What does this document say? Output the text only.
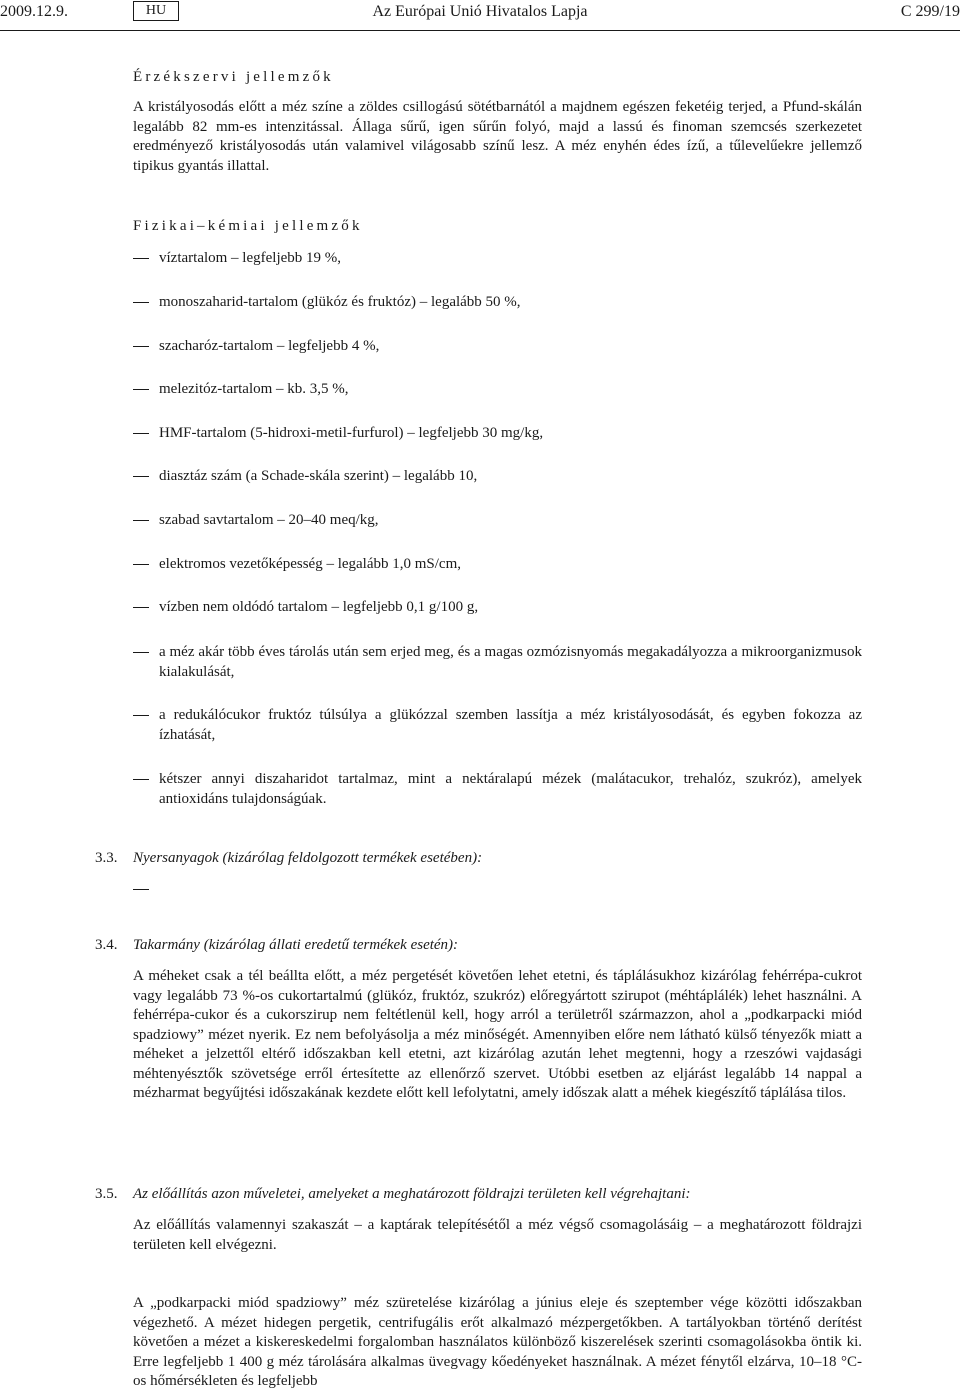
2009.12.9.	HU	Az Európai Unió Hivatalos Lapja	C 299/19
Érzékszervi jellemzők

A kristályosodás előtt a méz színe a zöldes csillogású sötétbarnától a majdnem egészen feketéig terjed, a Pfund-skálán legalább 82 mm-es intenzitással. Állaga sűrű, igen sűrűn folyó, majd a lassú és finoman szemcsés szerkezetet eredményező kristályosodás után valamivel világosabb színű lesz. A méz enyhén édes ízű, a tűlevelűekre jellemző tipikus gyantás illattal.

Fizikai–kémiai jellemzők
víztartalom – legfeljebb 19 %,
monoszaharid-tartalom (glükóz és fruktóz) – legalább 50 %,
szacharóz-tartalom – legfeljebb 4 %,
melezitóz-tartalom – kb. 3,5 %,
HMF-tartalom (5-hidroxi-metil-furfurol) – legfeljebb 30 mg/kg,
diasztáz szám (a Schade-skála szerint) – legalább 10,
szabad savtartalom – 20–40 meq/kg,
elektromos vezetőképesség – legalább 1,0 mS/cm,
vízben nem oldódó tartalom – legfeljebb 0,1 g/100 g,
a méz akár több éves tárolás után sem erjed meg, és a magas ozmózisnyomás megakadályozza a mikroorganizmusok kialakulását,
a redukálócukor fruktóz túlsúlya a glükózzal szemben lassítja a méz kristályosodását, és egyben fokozza az ízhatását,
kétszer annyi diszaharidot tartalmaz, mint a nektáralapú mézek (malátacukor, trehalóz, szukróz), amelyek antioxidáns tulajdonságúak.
3.3. Nyersanyagok (kizárólag feldolgozott termékek esetében):
3.4. Takarmány (kizárólag állati eredetű termékek esetén):

A méheket csak a tél beállta előtt, a méz pergetését követően lehet etetni, és táplálásukhoz kizárólag fehérrépa-cukrot vagy legalább 73 %-os cukortartalmú (glükóz, fruktóz, szukróz) előregyártott szirupot (méhtáplálék) lehet használni. A fehérrépa-cukor és a cukorszirup nem feltétlenül kell, hogy arról a területről származzon, ahol a „podkarpacki miód spadziowy” mézet nyerik. Ez nem befolyásolja a méz minőségét. Amennyiben előre nem látható külső tényezők miatt a méheket a jelzettől eltérő időszakban kell etetni, azt kizárólag azután lehet megtenni, hogy a rzeszówi vajdasági méhtenyésztők szövetsége erről értesítette az ellenőrző szervet. Utóbbi esetben az eljárást legalább 14 nappal a mézharmat begyűjtési időszakának kezdete előtt kell lefolytatni, amely időszak alatt a méhek kiegészítő táplálása tilos.

3.5. Az előállítás azon műveletei, amelyeket a meghatározott földrajzi területen kell végrehajtani:

Az előállítás valamennyi szakaszát – a kaptárak telepítésétől a méz végső csomagolásáig – a meghatározott földrajzi területen kell elvégezni.

A „podkarpacki miód spadziowy” méz szüretelése kizárólag a június eleje és szeptember vége közötti időszakban végezhető. A mézet hidegen pergetik, centrifugális erőt alkalmazó mézpergetőkben. A tartályokban történő derítést követően a mézet a kiskereskedelmi forgalomban használatos különböző kiszerelések szerinti csomagolásokba öntik ki. Erre legfeljebb 1 400 g méz tárolására alkalmas üvegvagy kőedényeket használnak. A mézet fénytől elzárva, 10–18 °C-os hőmérsékleten és legfeljebb
